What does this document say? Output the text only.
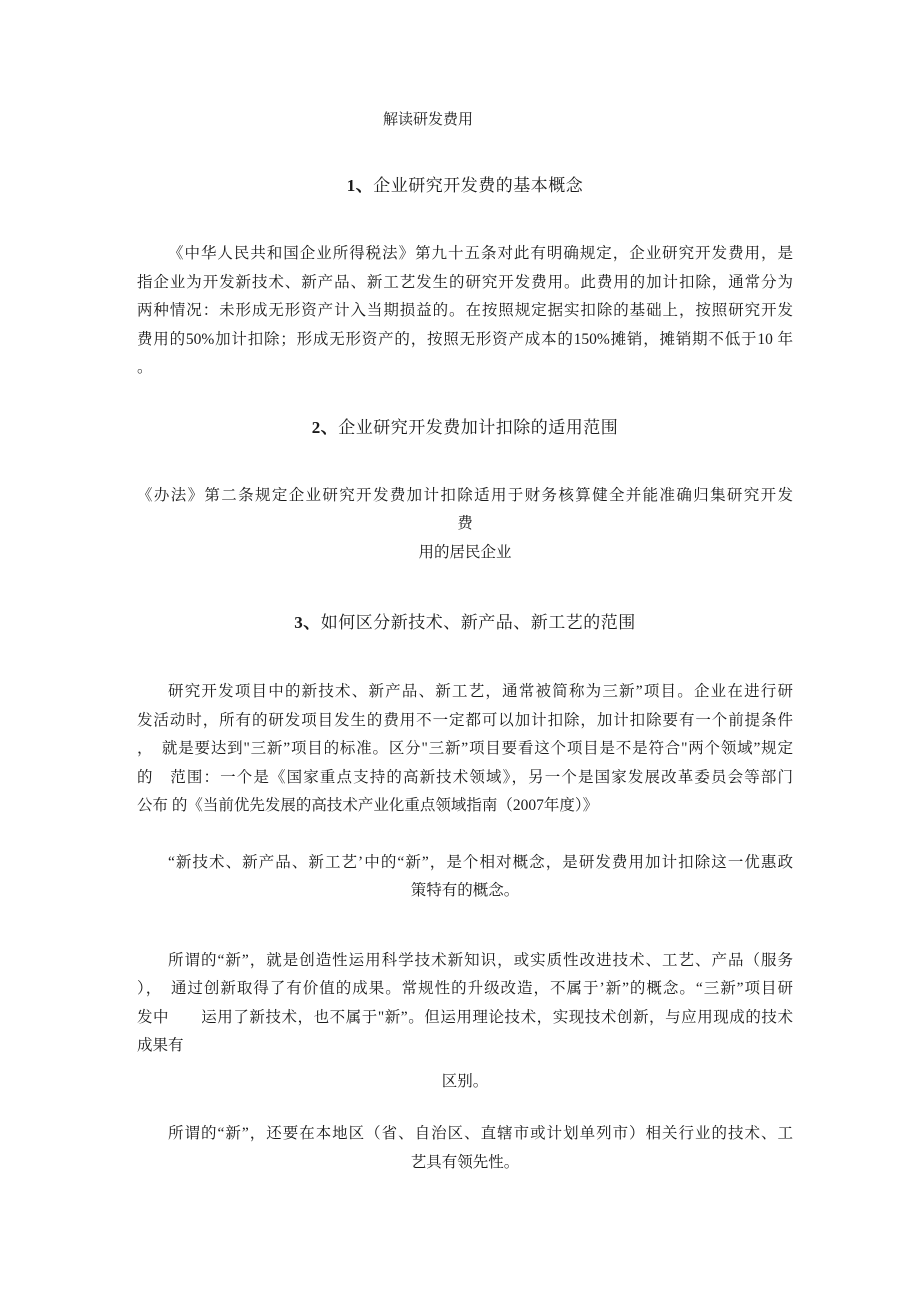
解读研发费用

1、企业研究开发费的基本概念

《中华人民共和国企业所得税法》第九十五条对此有明确规定，企业研究开发费用，是

指企业为开发新技术、新产品、新工艺发生的研究开发费用。此费用的加计扣除，通常分为

两种情况：未形成无形资产计入当期损益的。在按照规定据实扣除的基础上，按照研究开发

费用的50%加计扣除；形成无形资产的，按照无形资产成本的150%摊销，摊销期不低于10 年

。

2、企业研究开发费加计扣除的适用范围

《办法》第二条规定企业研究开发费加计扣除适用于财务核算健全并能准确归集研究开发

费

用的居民企业

3、如何区分新技术、新产品、新工艺的范围

研究开发项目中的新技术、新产品、新工艺，通常被简称为三新”项目。企业在进行研

发活动时，所有的研发项目发生的费用不一定都可以加计扣除，加计扣除要有一个前提条件

，　就是要达到"三新”项目的标准。区分"三新”项目要看这个项目是不是符合"两个领域”规定

的　范围：一个是《国家重点支持的高新技术领域》，另一个是国家发展改革委员会等部门

公布 的《当前优先发展的高技术产业化重点领域指南（2007年度）》

“新技术、新产品、新工艺’中的“新”，是个相对概念，是研发费用加计扣除这一优惠政

策特有的概念。

所谓的“新”，就是创造性运用科学技术新知识，或实质性改进技术、工艺、产品（服务

），　通过创新取得了有价值的成果。常规性的升级改造，不属于’新”的概念。“三新”项目研

发中　　运用了新技术，也不属于"新”。但运用理论技术，实现技术创新，与应用现成的技术

成果有

区别。

所谓的“新”，还要在本地区（省、自治区、直辖市或计划单列市）相关行业的技术、工

艺具有领先性。
